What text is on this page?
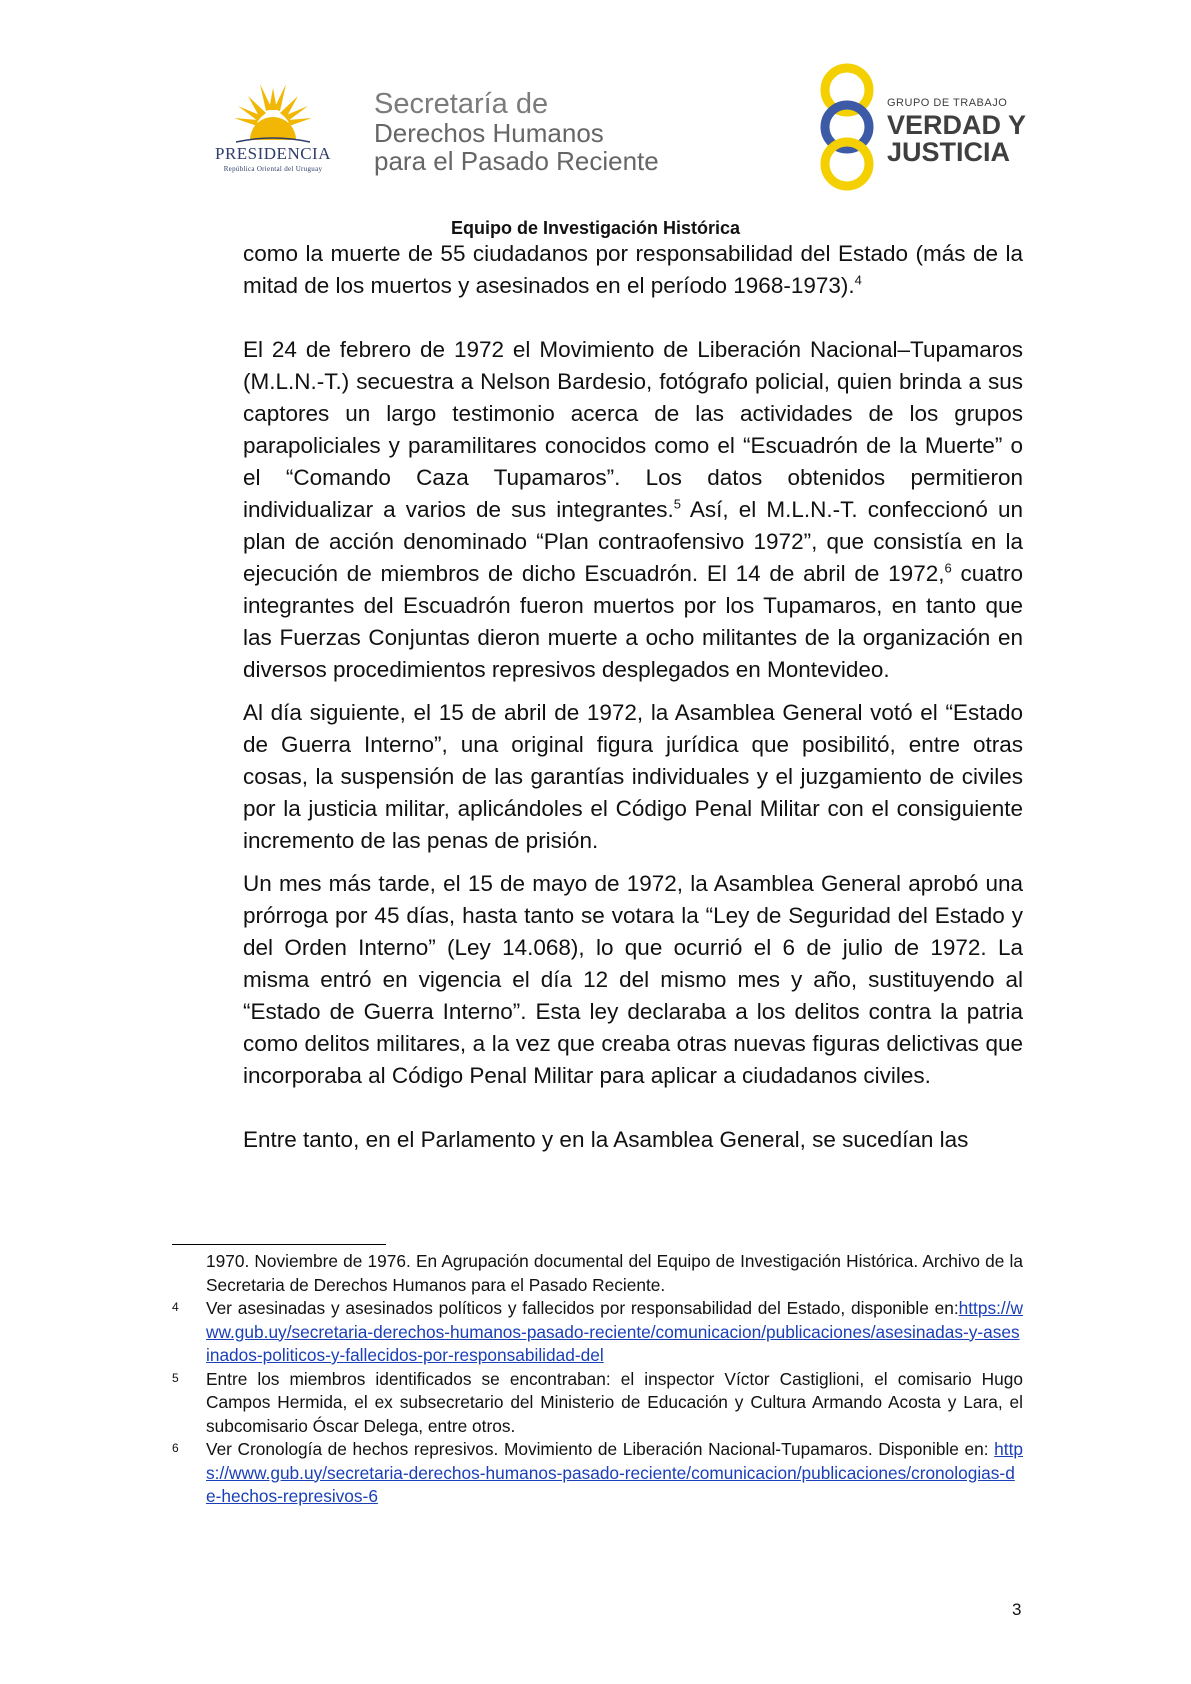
PRESIDENCIA
República Oriental del Uruguay
Secretaría de
Derechos Humanos
para el Pasado Reciente
GRUPO DE TRABAJO
VERDAD Y
JUSTICIA
Equipo de Investigación Histórica

como la muerte de 55 ciudadanos por responsabilidad del Estado (más de la mitad de los muertos y asesinados en el período 1968-1973).$^4$

El 24 de febrero de 1972 el Movimiento de Liberación Nacional–Tupamaros (M.L.N.-T.) secuestra a Nelson Bardesio, fotógrafo policial, quien brinda a sus captores un largo testimonio acerca de las actividades de los grupos parapoliciales y paramilitares conocidos como el “Escuadrón de la Muerte” o el “Comando Caza Tupamaros”. Los datos obtenidos permitieron individualizar a varios de sus integrantes.$^5$ Así, el M.L.N.-T. confeccionó un plan de acción denominado “Plan contraofensivo 1972”, que consistía en la ejecución de miembros de dicho Escuadrón. El 14 de abril de 1972,$^6$ cuatro integrantes del Escuadrón fueron muertos por los Tupamaros, en tanto que las Fuerzas Conjuntas dieron muerte a ocho militantes de la organización en diversos procedimientos represivos desplegados en Montevideo.

Al día siguiente, el 15 de abril de 1972, la Asamblea General votó el “Estado de Guerra Interno”, una original figura jurídica que posibilitó, entre otras cosas, la suspensión de las garantías individuales y el juzgamiento de civiles por la justicia militar, aplicándoles el Código Penal Militar con el consiguiente incremento de las penas de prisión.

Un mes más tarde, el 15 de mayo de 1972, la Asamblea General aprobó una prórroga por 45 días, hasta tanto se votara la “Ley de Seguridad del Estado y del Orden Interno” (Ley 14.068), lo que ocurrió el 6 de julio de 1972. La misma entró en vigencia el día 12 del mismo mes y año, sustituyendo al “Estado de Guerra Interno”. Esta ley declaraba a los delitos contra la patria como delitos militares, a la vez que creaba otras nuevas figuras delictivas que incorporaba al Código Penal Militar para aplicar a ciudadanos civiles.

Entre tanto, en el Parlamento y en la Asamblea General, se sucedían las

1970. Noviembre de 1976. En Agrupación documental del Equipo de Investigación Histórica. Archivo de la Secretaria de Derechos Humanos para el Pasado Reciente.
4 Ver asesinadas y asesinados políticos y fallecidos por responsabilidad del Estado, disponible en:https://www.gub.uy/secretaria-derechos-humanos-pasado-reciente/comunicacion/publicaciones/asesinadas-y-asesinados-politicos-y-fallecidos-por-responsabilidad-del
5 Entre los miembros identificados se encontraban: el inspector Víctor Castiglioni, el comisario Hugo Campos Hermida, el ex subsecretario del Ministerio de Educación y Cultura Armando Acosta y Lara, el subcomisario Óscar Delega, entre otros.
6 Ver Cronología de hechos represivos. Movimiento de Liberación Nacional-Tupamaros. Disponible en: https://www.gub.uy/secretaria-derechos-humanos-pasado-reciente/comunicacion/publicaciones/cronologias-de-hechos-represivos-6
3
